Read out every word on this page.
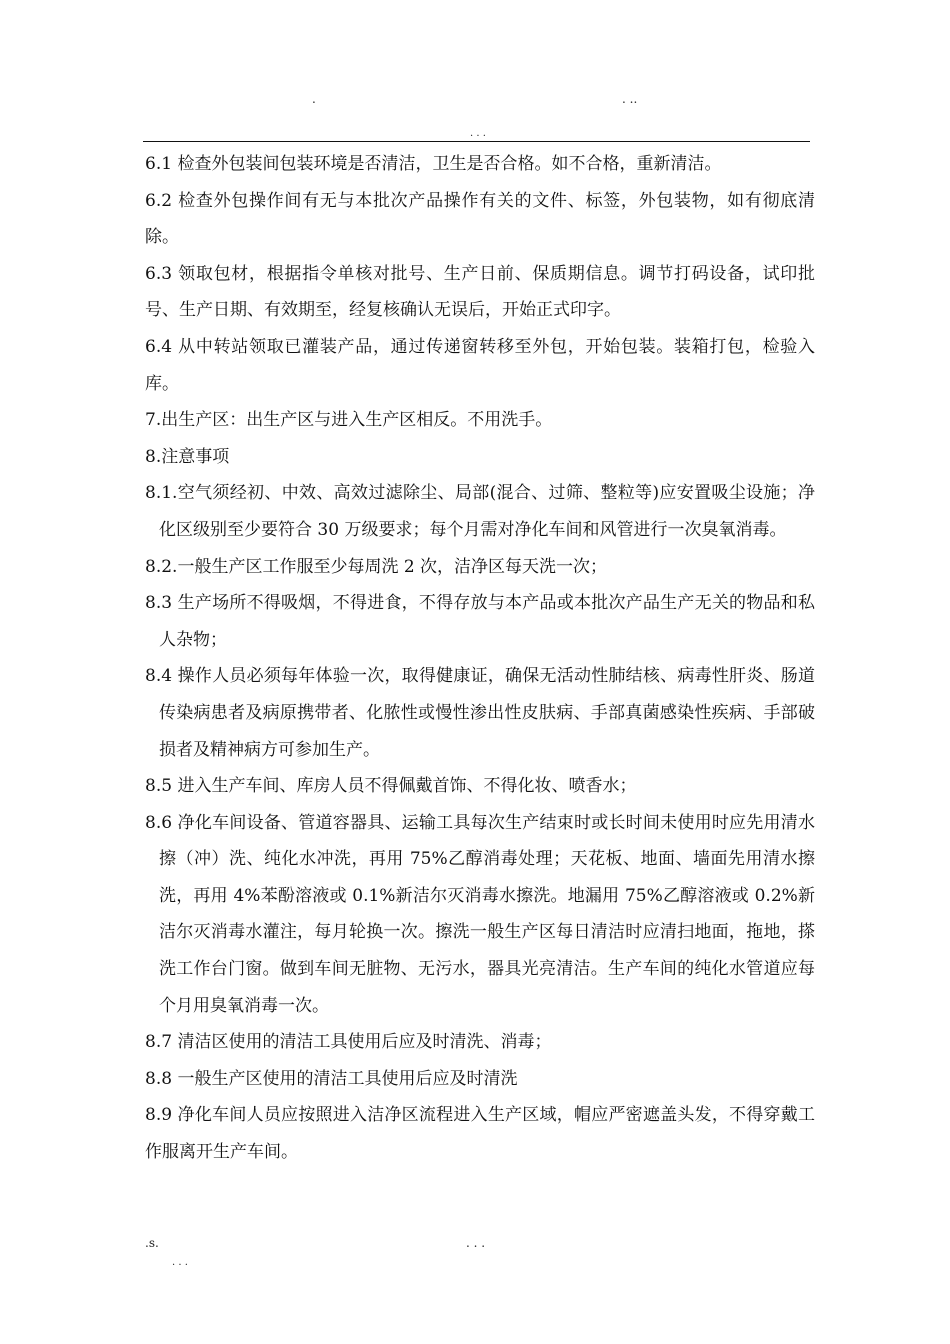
.	. ..
. . .

6.1 检查外包装间包装环境是否清洁，卫生是否合格。如不合格，重新清洁。

6.2 检查外包操作间有无与本批次产品操作有关的文件、标签，外包装物，如有彻底清除。

6.3 领取包材，根据指令单核对批号、生产日前、保质期信息。调节打码设备，试印批号、生产日期、有效期至，经复核确认无误后，开始正式印字。

6.4 从中转站领取已灌装产品，通过传递窗转移至外包，开始包装。装箱打包，检验入库。

7.出生产区：出生产区与进入生产区相反。不用洗手。

8.注意事项

8.1.空气须经初、中效、高效过滤除尘、局部(混合、过筛、整粒等)应安置吸尘设施；净化区级别至少要符合 30 万级要求；每个月需对净化车间和风管进行一次臭氧消毒。

8.2.一般生产区工作服至少每周洗 2 次，洁净区每天洗一次；

8.3 生产场所不得吸烟，不得进食，不得存放与本产品或本批次产品生产无关的物品和私人杂物；

8.4 操作人员必须每年体验一次，取得健康证，确保无活动性肺结核、病毒性肝炎、肠道传染病患者及病原携带者、化脓性或慢性渗出性皮肤病、手部真菌感染性疾病、手部破损者及精神病方可参加生产。

8.5 进入生产车间、库房人员不得佩戴首饰、不得化妆、喷香水；

8.6 净化车间设备、管道容器具、运输工具每次生产结束时或长时间未使用时应先用清水擦（冲）洗、纯化水冲洗，再用 75%乙醇消毒处理；天花板、地面、墙面先用清水擦洗，再用 4%苯酚溶液或 0.1%新洁尔灭消毒水擦洗。地漏用 75%乙醇溶液或 0.2%新洁尔灭消毒水灌注，每月轮换一次。擦洗一般生产区每日清洁时应清扫地面，拖地，搽洗工作台门窗。做到车间无脏物、无污水，器具光亮清洁。生产车间的纯化水管道应每个月用臭氧消毒一次。

8.7 清洁区使用的清洁工具使用后应及时清洗、消毒；

8.8 一般生产区使用的清洁工具使用后应及时清洗

8.9 净化车间人员应按照进入洁净区流程进入生产区域，帽应严密遮盖头发，不得穿戴工作服离开生产车间。

.s.	. . .
. . .
